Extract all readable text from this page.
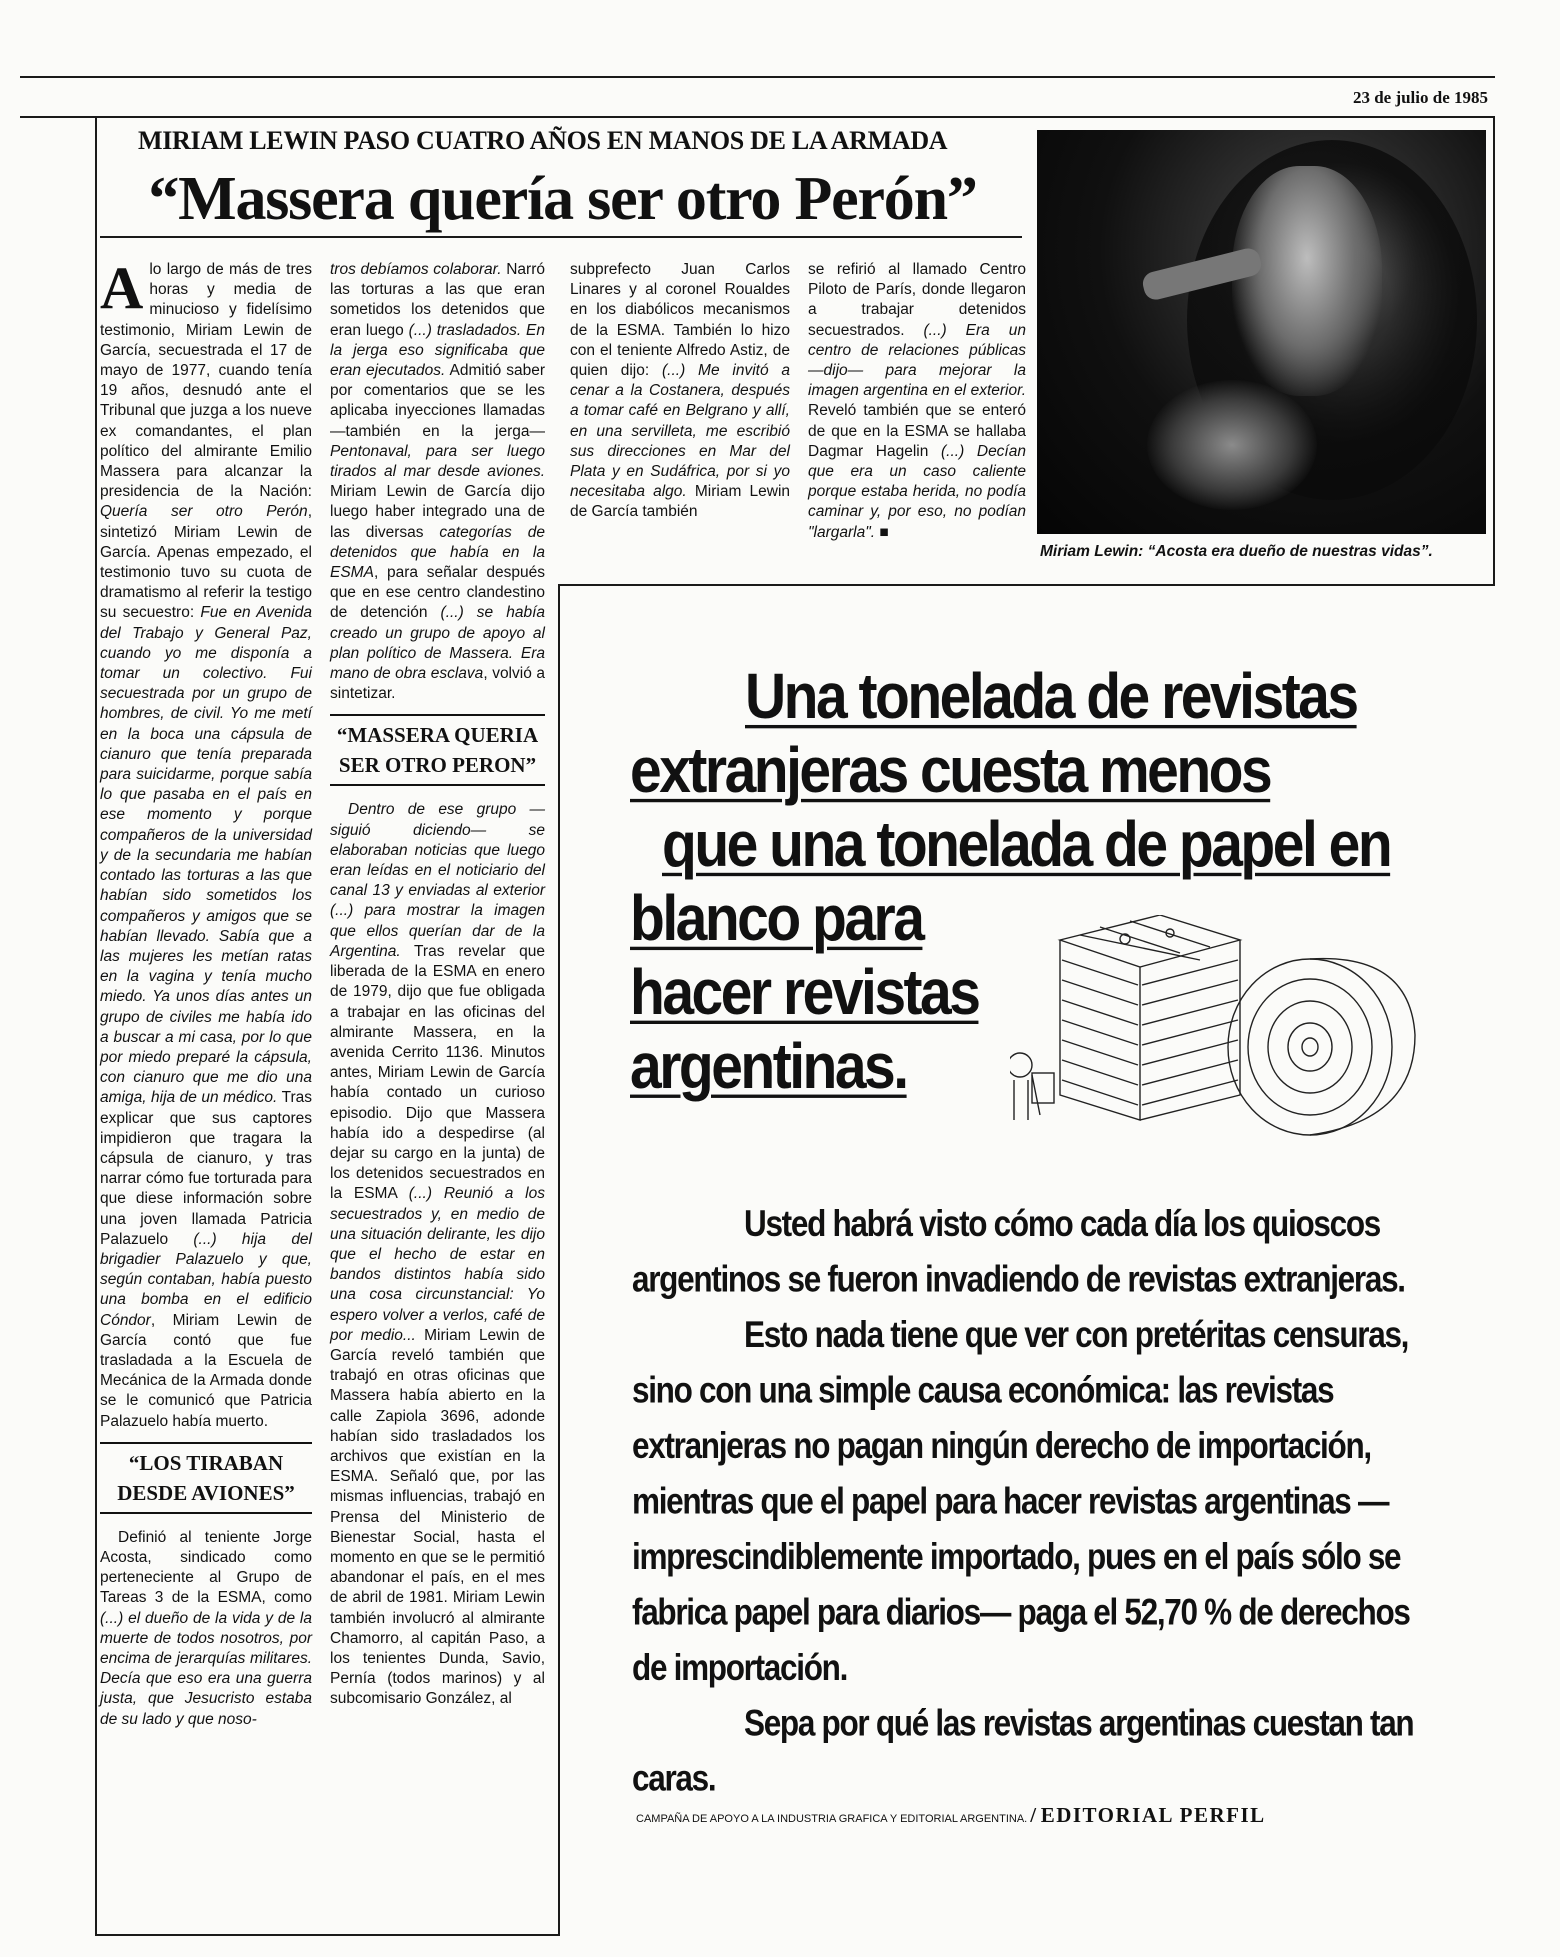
23 de julio de 1985
MIRIAM LEWIN PASO CUATRO AÑOS EN MANOS DE LA ARMADA
“Massera quería ser otro Perón”

A lo largo de más de tres horas y media de minucioso y fidelísimo testimonio, Miriam Lewin de García, secuestrada el 17 de mayo de 1977, cuando tenía 19 años, desnudó ante el Tribunal que juzga a los nueve ex comandantes, el plan político del almirante Emilio Massera para alcanzar la presidencia de la Nación: Quería ser otro Perón, sintetizó Miriam Lewin de García. Apenas empezado, el testimonio tuvo su cuota de dramatismo al referir la testigo su secuestro: Fue en Avenida del Trabajo y General Paz, cuando yo me disponía a tomar un colectivo. Fui secuestrada por un grupo de hombres, de civil. Yo me metí en la boca una cápsula de cianuro que tenía preparada para suicidarme, porque sabía lo que pasaba en el país en ese momento y porque compañeros de la universidad y de la secundaria me habían contado las torturas a las que habían sido sometidos los compañeros y amigos que se habían llevado. Sabía que a las mujeres les metían ratas en la vagina y tenía mucho miedo. Ya unos días antes un grupo de civiles me había ido a buscar a mi casa, por lo que por miedo preparé la cápsula, con cianuro que me dio una amiga, hija de un médico. Tras explicar que sus captores impidieron que tragara la cápsula de cianuro, y tras narrar cómo fue torturada para que diese información sobre una joven llamada Patricia Palazuelo (...) hija del brigadier Palazuelo y que, según contaban, había puesto una bomba en el edificio Cóndor, Miriam Lewin de García contó que fue trasladada a la Escuela de Mecánica de la Armada donde se le comunicó que Patricia Palazuelo había muerto.

“LOS TIRABAN
DESDE AVIONES”

Definió al teniente Jorge Acosta, sindicado como perteneciente al Grupo de Tareas 3 de la ESMA, como (...) el dueño de la vida y de la muerte de todos nosotros, por encima de jerarquías militares. Decía que eso era una guerra justa, que Jesucristo estaba de su lado y que noso-

tros debíamos colaborar. Narró las torturas a las que eran sometidos los detenidos que eran luego (...) trasladados. En la jerga eso significaba que eran ejecutados. Admitió saber por comentarios que se les aplicaba inyecciones llamadas —también en la jerga— Pentonaval, para ser luego tirados al mar desde aviones. Miriam Lewin de García dijo luego haber integrado una de las diversas categorías de detenidos que había en la ESMA, para señalar después que en ese centro clandestino de detención (...) se había creado un grupo de apoyo al plan político de Massera. Era mano de obra esclava, volvió a sintetizar.

“MASSERA QUERIA
SER OTRO PERON”

Dentro de ese grupo —siguió diciendo— se elaboraban noticias que luego eran leídas en el noticiario del canal 13 y enviadas al exterior (...) para mostrar la imagen que ellos querían dar de la Argentina. Tras revelar que liberada de la ESMA en enero de 1979, dijo que fue obligada a trabajar en las oficinas del almirante Massera, en la avenida Cerrito 1136. Minutos antes, Miriam Lewin de García había contado un curioso episodio. Dijo que Massera había ido a despedirse (al dejar su cargo en la junta) de los detenidos secuestrados en la ESMA (...) Reunió a los secuestrados y, en medio de una situación delirante, les dijo que el hecho de estar en bandos distintos había sido una cosa circunstancial: Yo espero volver a verlos, café de por medio... Miriam Lewin de García reveló también que trabajó en otras oficinas que Massera había abierto en la calle Zapiola 3696, adonde habían sido trasladados los archivos que existían en la ESMA. Señaló que, por las mismas influencias, trabajó en Prensa del Ministerio de Bienestar Social, hasta el momento en que se le permitió abandonar el país, en el mes de abril de 1981. Miriam Lewin también involucró al almirante Chamorro, al capitán Paso, a los tenientes Dunda, Savio, Pernía (todos marinos) y al subcomisario González, al

subprefecto Juan Carlos Linares y al coronel Roualdes en los diabólicos mecanismos de la ESMA. También lo hizo con el teniente Alfredo Astiz, de quien dijo: (...) Me invitó a cenar a la Costanera, después a tomar café en Belgrano y allí, en una servilleta, me escribió sus direcciones en Mar del Plata y en Sudáfrica, por si yo necesitaba algo. Miriam Lewin de García también

se refirió al llamado Centro Piloto de París, donde llegaron a trabajar detenidos secuestrados. (...) Era un centro de relaciones públicas —dijo— para mejorar la imagen argentina en el exterior. Reveló también que se enteró de que en la ESMA se hallaba Dagmar Hagelin (...) Decían que era un caso caliente porque estaba herida, no podía caminar y, por eso, no podían "largarla". ■

Miriam Lewin: “Acosta era dueño de nuestras vidas”.
Una tonelada de revistas
extranjeras cuesta menos
que una tonelada de papel en
blanco para
hacer revistas
argentinas.

Usted habrá visto cómo cada día los quioscos argentinos se fueron invadiendo de revistas extranjeras.

Esto nada tiene que ver con pretéritas censuras, sino con una simple causa económica: las revistas extranjeras no pagan ningún derecho de importación, mientras que el papel para hacer revistas argentinas —imprescindiblemente importado, pues en el país sólo se fabrica papel para diarios— paga el 52,70 % de derechos de importación.

Sepa por qué las revistas argentinas cuestan tan caras.

CAMPAÑA DE APOYO A LA INDUSTRIA GRAFICA Y EDITORIAL ARGENTINA. / EDITORIAL PERFIL
